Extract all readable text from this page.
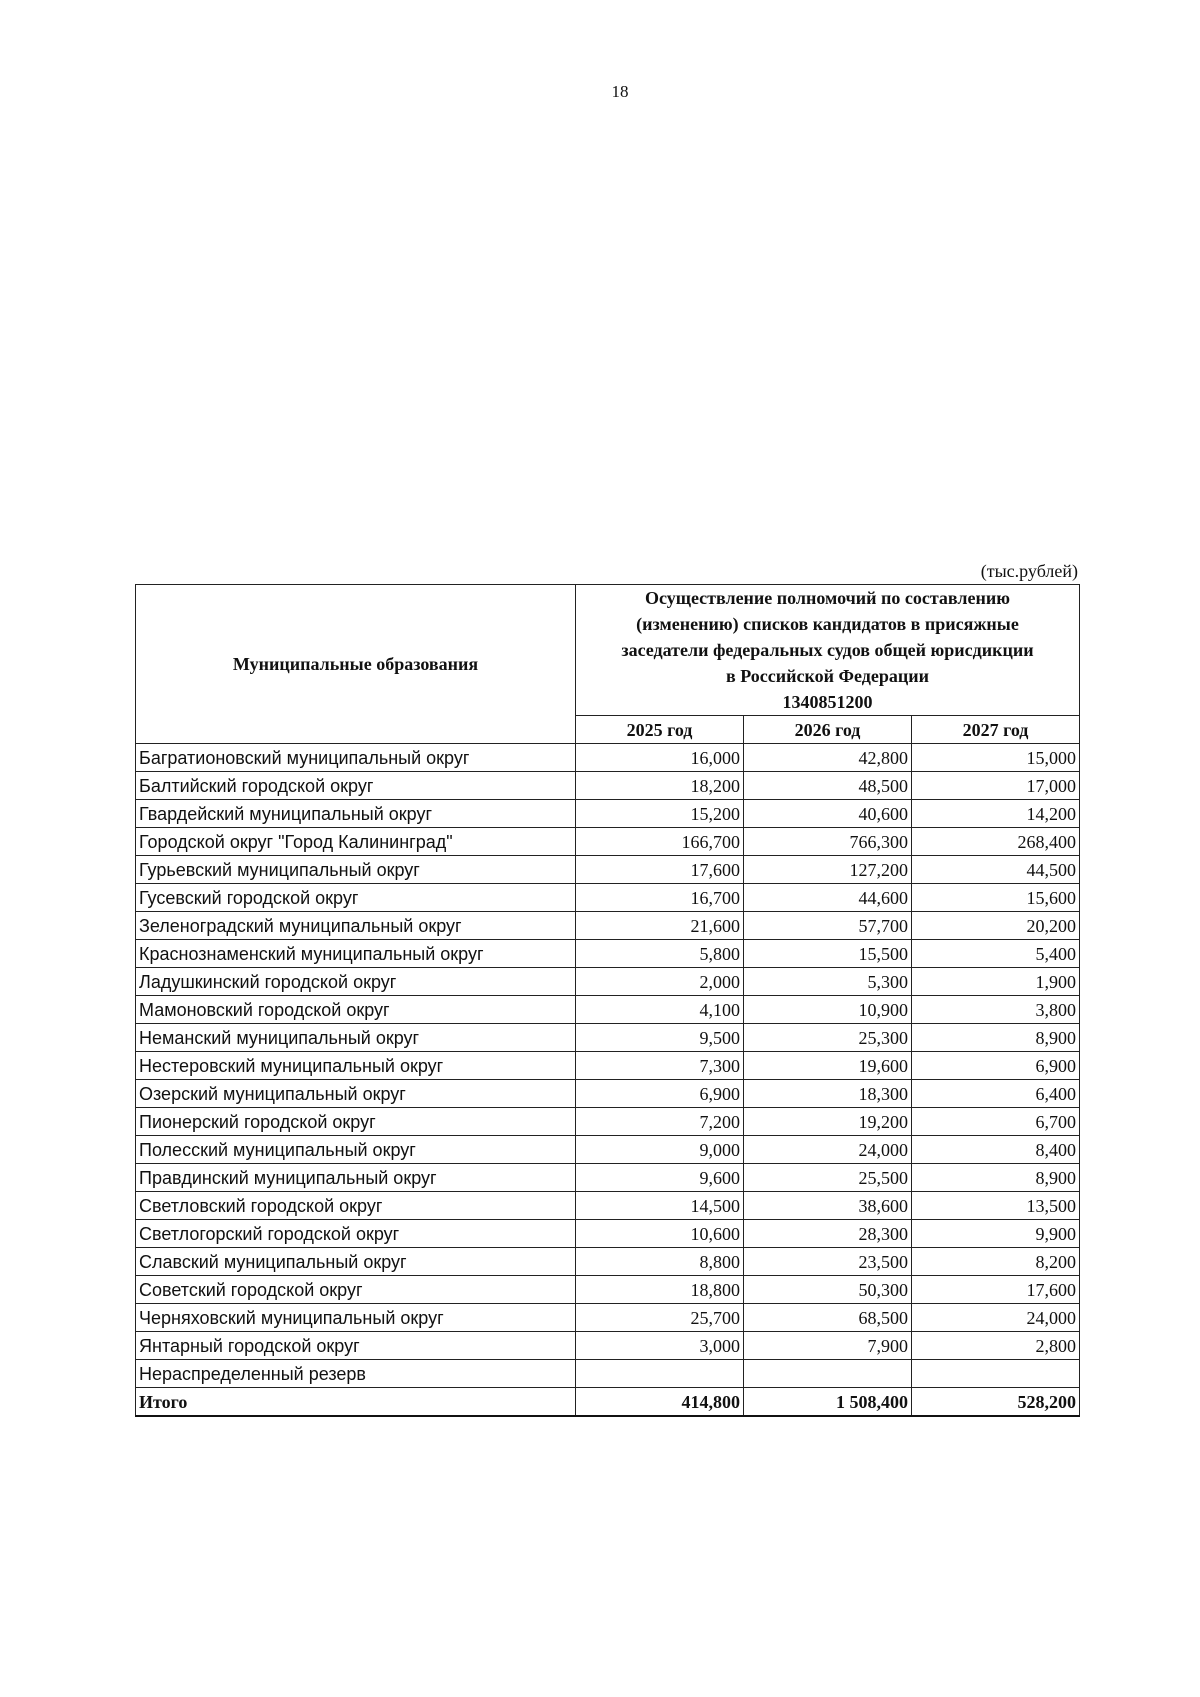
18
(тыс.рублей)
Муниципальные образования	Осуществление полномочий по составлению
(изменению) списков кандидатов в присяжные
заседатели федеральных судов общей юрисдикции
в Российской Федерации
1340851200		

	2025 год	2026 год	2027 год
Багратионовский муниципальный округ	16,000	42,800	15,000
Балтийский городской округ	18,200	48,500	17,000
Гвардейский муниципальный округ	15,200	40,600	14,200
Городской округ "Город Калининград"	166,700	766,300	268,400
Гурьевский муниципальный округ	17,600	127,200	44,500
Гусевский городской округ	16,700	44,600	15,600
Зеленоградский муниципальный округ	21,600	57,700	20,200
Краснознаменский муниципальный округ	5,800	15,500	5,400
Ладушкинский городской округ	2,000	5,300	1,900
Мамоновский городской округ	4,100	10,900	3,800
Неманский муниципальный округ	9,500	25,300	8,900
Нестеровский муниципальный округ	7,300	19,600	6,900
Озерский муниципальный округ	6,900	18,300	6,400
Пионерский городской округ	7,200	19,200	6,700
Полесский муниципальный округ	9,000	24,000	8,400
Правдинский муниципальный округ	9,600	25,500	8,900
Светловский городской округ	14,500	38,600	13,500
Светлогорский городской округ	10,600	28,300	9,900
Славский муниципальный округ	8,800	23,500	8,200
Советский городской округ	18,800	50,300	17,600
Черняховский муниципальный округ	25,700	68,500	24,000
Янтарный городской округ	3,000	7,900	2,800
Нераспределенный резерв			
Итого	414,800	1 508,400	528,200
